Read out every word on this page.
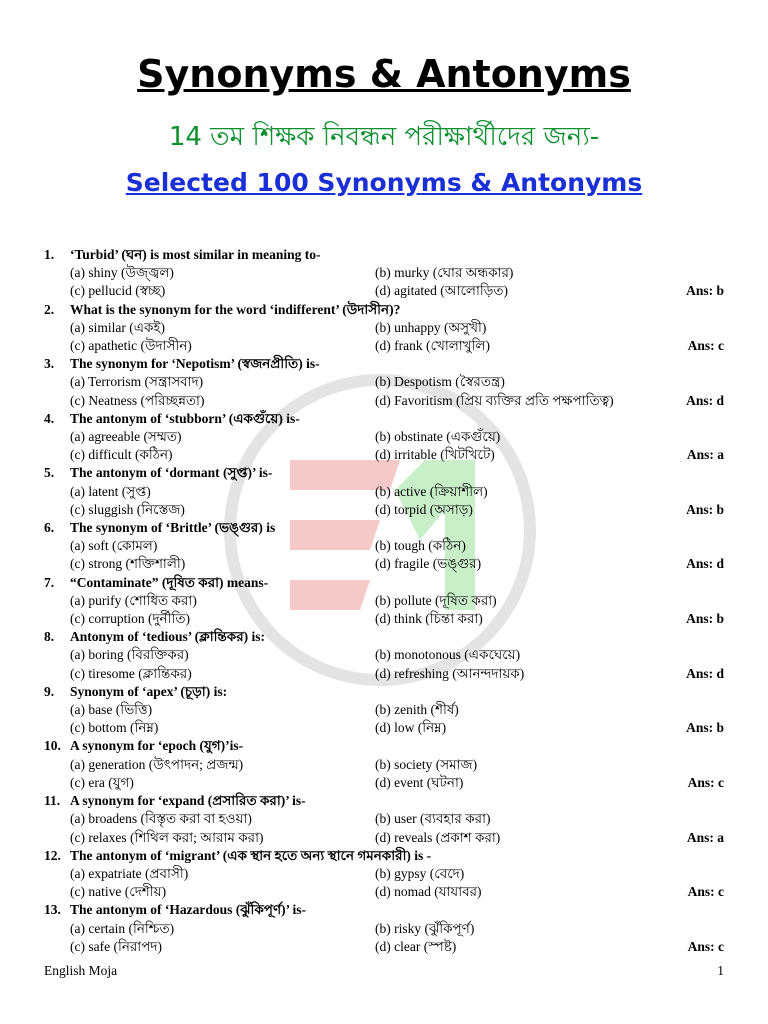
Synonyms & Antonyms
14 তম শিক্ষক নিবন্ধন পরীক্ষার্থীদের জন্য-
Selected 100 Synonyms & Antonyms
1.	‘Turbid’ (ঘন) is most similar in meaning to-
(a) shiny (উজ্জ্বল)	(b) murky (ঘোর অন্ধকার)
(c) pellucid (স্বচ্ছ)	(d) agitated (আলোড়িত)	Ans: b
2.	What is the synonym for the word ‘indifferent’ (উদাসীন)?
(a) similar (একই)	(b) unhappy (অসুখী)
(c) apathetic (উদাসীন)	(d) frank (খোলাখুলি)	Ans: c
3.	The synonym for ‘Nepotism’ (স্বজনপ্রীতি) is-
(a) Terrorism (সন্ত্রাসবাদ)	(b) Despotism (স্বৈরতন্ত্র)
(c) Neatness (পরিচ্ছন্নতা)	(d) Favoritism (প্রিয় ব্যক্তির প্রতি পক্ষপাতিত্ব)	Ans: d
4.	The antonym of ‘stubborn’ (একগুঁয়ে) is-
(a) agreeable (সম্মত)	(b) obstinate (একগুঁয়ে)
(c) difficult (কঠিন)	(d) irritable (খিটখিটে)	Ans: a
5.	The antonym of ‘dormant (সুপ্ত)’ is-
(a) latent (সুপ্ত)	(b) active (ক্রিয়াশীল)
(c) sluggish (নিস্তেজ)	(d) torpid (অসাড়)	Ans: b
6.	The synonym of ‘Brittle’ (ভঙ্গুর) is
(a) soft (কোমল)	(b) tough (কঠিন)
(c) strong (শক্তিশালী)	(d) fragile (ভঙ্গুর)	Ans: d
7.	“Contaminate” (দূষিত করা) means-
(a) purify (শোধিত করা)	(b) pollute (দূষিত করা)
(c) corruption (দুর্নীতি)	(d) think (চিন্তা করা)	Ans: b
8.	Antonym of ‘tedious’ (ক্লান্তিকর) is:
(a) boring (বিরক্তিকর)	(b) monotonous (একঘেয়ে)
(c) tiresome (ক্লান্তিকর)	(d) refreshing (আনন্দদায়ক)	Ans: d
9.	Synonym of ‘apex’ (চূড়া) is:
(a) base (ভিত্তি)	(b) zenith (শীর্ষ)
(c) bottom (নিম্ন)	(d) low (নিম্ন)	Ans: b
10. A synonym for ‘epoch (যুগ)’is-
(a) generation (উৎপাদন; প্রজন্ম)	(b) society (সমাজ)
(c) era (যুগ)	(d) event (ঘটনা)	Ans: c
11. A synonym for ‘expand (প্রসারিত করা)’ is-
(a) broadens (বিস্তৃত করা বা হওয়া)	(b) user (ব্যবহার করা)
(c) relaxes (শিথিল করা; আরাম করা)	(d) reveals (প্রকাশ করা)	Ans: a
12. The antonym of ‘migrant’ (এক স্থান হতে অন্য স্থানে গমনকারী) is -
(a) expatriate (প্রবাসী)	(b) gypsy (বেদে)
(c) native (দেশীয়)	(d) nomad (যাযাবর)	Ans: c
13. The antonym of ‘Hazardous (ঝুঁকিপূর্ণ)’ is-
(a) certain (নিশ্চিত)	(b) risky (ঝুঁকিপূর্ণ)
(c) safe (নিরাপদ)	(d) clear (স্পষ্ট)	Ans: c
English Moja	1
